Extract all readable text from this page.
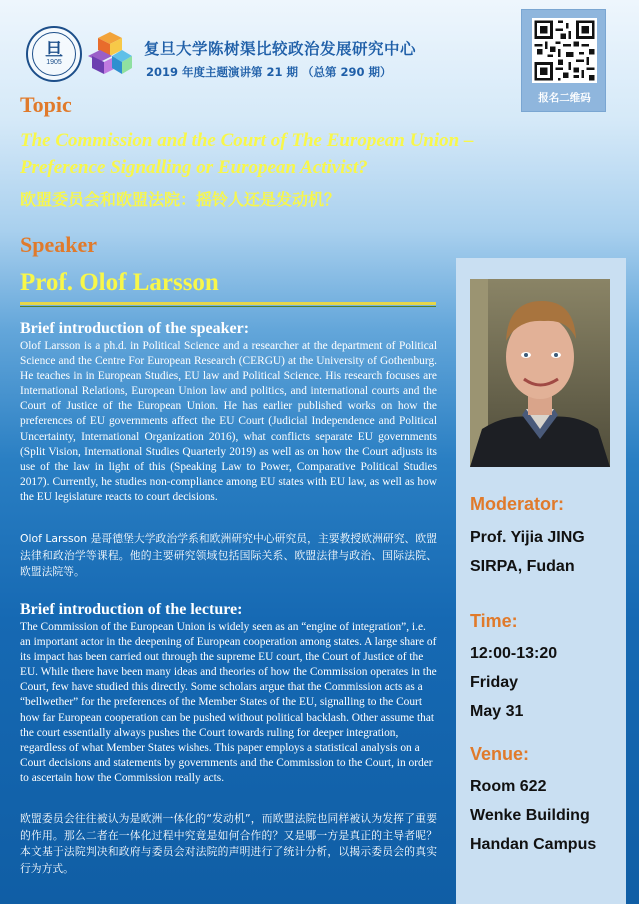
旦
1905
复旦大学陈树渠比较政治发展研究中心
2019 年度主题演讲第 21 期 （总第 290 期）
报名二维码
Topic
The Commission and the Court of The European Union –
Preference Signalling or European Activist?
欧盟委员会和欧盟法院：摇铃人还是发动机？
Speaker
Prof. Olof Larsson
Brief introduction of the speaker:
Olof Larsson is a ph.d. in Political Science and a researcher at the department of Political Science and the Centre For European Research (CERGU) at the University of Gothenburg. He teaches in in European Studies, EU law and Political Science. His research focuses are International Relations, European Union law and politics, and international courts and the Court of Justice of the European Union. He has earlier published works on how the preferences of EU governments affect the EU Court (Judicial Independence and Political Uncertainty, International Organization 2016), what conflicts separate EU governments (Split Vision, International Studies Quarterly 2019) as well as on how the Court adjusts its use of the law in light of this (Speaking Law to Power, Comparative Political Studies 2017). Currently, he studies non-compliance among EU states with EU law, as well as how the EU legislature reacts to court decisions.
Olof Larsson 是哥德堡大学政治学系和欧洲研究中心研究员，主要教授欧洲研究、欧盟法律和政治学等课程。他的主要研究领域包括国际关系、欧盟法律与政治、国际法院、欧盟法院等。
Brief introduction of the lecture:
The Commission of the European Union is widely seen as an “engine of integration”, i.e. an important actor in the deepening of European cooperation among states. A large share of its impact has been carried out through the supreme EU court, the Court of Justice of the EU. While there have been many ideas and theories of how the Commission operates in the Court, few have studied this directly. Some scholars argue that the Commission acts as a “bellwether” for the preferences of the Member States of the EU, signalling to the Court how far European cooperation can be pushed without political backlash. Other assume that the court essentially always pushes the Court towards ruling for deeper integration, regardless of what Member States wishes. This paper employs a statistical analysis on a Court decisions and statements by governments and the Commission to the Court, in order to ascertain how the Commission really acts.
欧盟委员会往往被认为是欧洲一体化的“发动机”，而欧盟法院也同样被认为发挥了重要的作用。那么二者在一体化过程中究竟是如何合作的？又是哪一方是真正的主导者呢？本文基于法院判决和政府与委员会对法院的声明进行了统计分析，以揭示委员会的真实行为方式。
Moderator:
Prof. Yijia JING
SIRPA, Fudan
Time:
12:00-13:20
Friday
May 31
Venue:
Room 622
Wenke Building
Handan Campus
